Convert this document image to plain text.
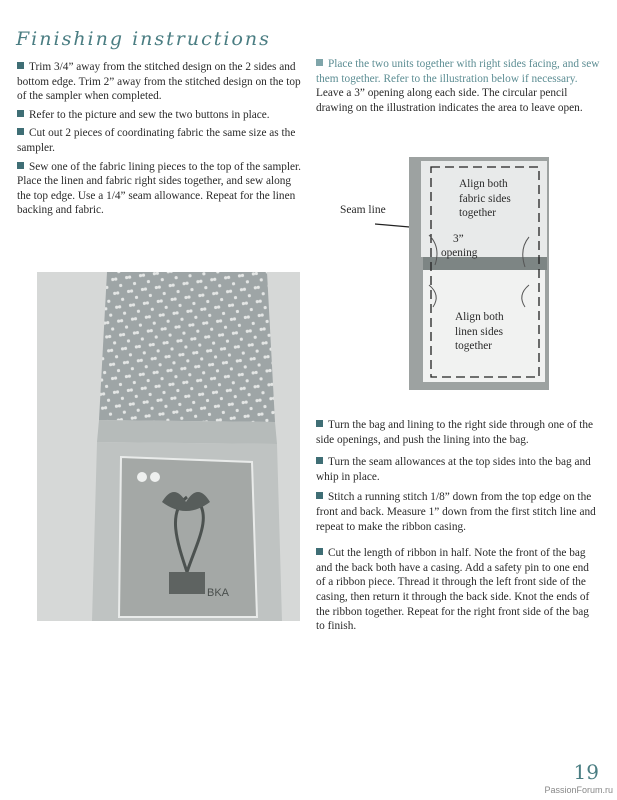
Finishing instructions

Trim 3/4” away from the stitched design on the 2 sides and bottom edge. Trim 2” away from the stitched design on the top of the sampler when completed.

Refer to the picture and sew the two buttons in place.

Cut out 2 pieces of coordinating fabric the same size as the sampler.

Sew one of the fabric lining pieces to the top of the sampler. Place the linen and fabric right sides together, and sew along the top edge. Use a 1/4” seam allowance. Repeat for the linen backing and fabric.

Place the two units together with right sides facing, and sew them together. Refer to the illustration below if necessary. Leave a 3” opening along each side. The circular pencil drawing on the illustration indicates the area to leave open.

BKA
Seam line
Align both
fabric sides
together
3”
opening
Align both
linen sides
together

Turn the bag and lining to the right side through one of the side openings, and push the lining into the bag.

Turn the seam allowances at the top sides into the bag and whip in place.

Stitch a running stitch 1/8” down from the top edge on the front and back. Measure 1” down from the first stitch line and repeat to make the ribbon casing.

Cut the length of ribbon in half. Note the front of the bag and the back both have a casing. Add a safety pin to one end of a ribbon piece. Thread it through the left front side of the casing, then return it through the back side. Knot the ends of the ribbon together. Repeat for the right front side of the bag to finish.

19
PassionForum.ru
